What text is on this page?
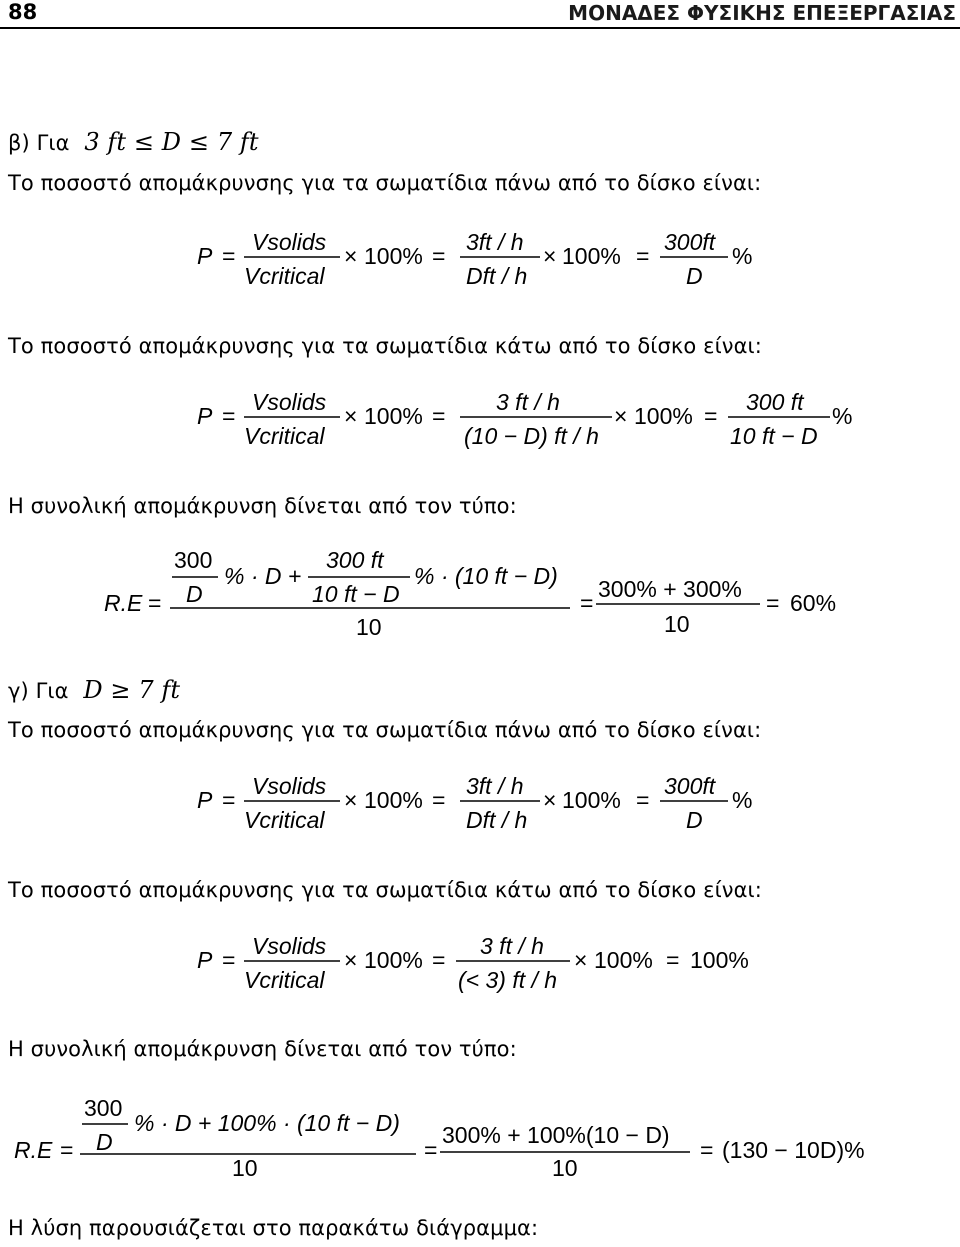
88	ΜΟΝΑΔΕΣ ΦΥΣΙΚΗΣ ΕΠΕΞΕΡΓΑΣΙΑΣ
β) Για 3 ft ≤ D ≤ 7 ft
Το ποσοστό απομάκρυνσης για τα σωματίδια πάνω από το δίσκο είναι:
P =
Vsolids
Vcritical
× 100% =
3ft / h
Dft / h
× 100% =
300ft
D
%
P =
Vsolids
Vcritical
× 100% =
3 ft / h
(10 − D) ft / h
× 100% =
300 ft
10 ft − D
%
R.E =
300
D
% · D +
300 ft
10 ft − D
% · (10 ft − D)
10
=
300% + 300%
10
= 60%
P =
Vsolids
Vcritical
× 100% =
3ft / h
Dft / h
× 100% =
300ft
D
%
P =
Vsolids
Vcritical
× 100% =
3 ft / h
(< 3) ft / h
× 100% = 100%
R.E =
300
D
% · D + 100% · (10 ft − D)
10
=
300% + 100%(10 − D)
10
= (130 − 10D)%
Το ποσοστό απομάκρυνσης για τα σωματίδια κάτω από το δίσκο είναι:
Η συνολική απομάκρυνση δίνεται από τον τύπο:
γ) Για D ≥ 7 ft
Το ποσοστό απομάκρυνσης για τα σωματίδια πάνω από το δίσκο είναι:
Το ποσοστό απομάκρυνσης για τα σωματίδια κάτω από το δίσκο είναι:
Η συνολική απομάκρυνση δίνεται από τον τύπο:
Η λύση παρουσιάζεται στο παρακάτω διάγραμμα:
